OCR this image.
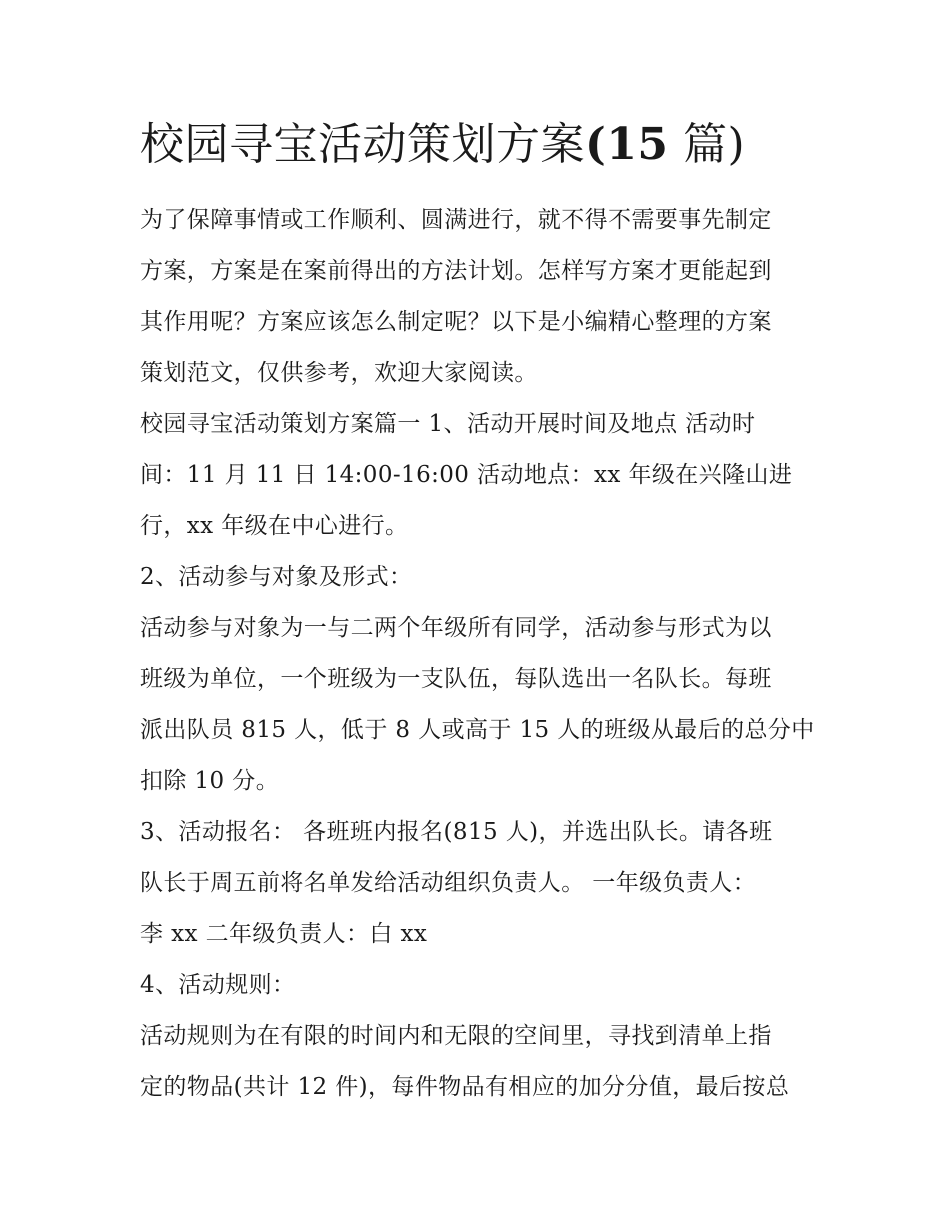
校园寻宝活动策划方案(15 篇)

为了保障事情或工作顺利、圆满进行，就不得不需要事先制定

方案，方案是在案前得出的方法计划。怎样写方案才更能起到

其作用呢？方案应该怎么制定呢？以下是小编精心整理的方案

策划范文，仅供参考，欢迎大家阅读。

校园寻宝活动策划方案篇一 1、活动开展时间及地点 活动时

间：11 月 11 日 14:00-16:00 活动地点：xx 年级在兴隆山进

行，xx 年级在中心进行。

2、活动参与对象及形式：

活动参与对象为一与二两个年级所有同学，活动参与形式为以

班级为单位，一个班级为一支队伍，每队选出一名队长。每班

派出队员 815 人，低于 8 人或高于 15 人的班级从最后的总分中

扣除 10 分。

3、活动报名： 各班班内报名(815 人)，并选出队长。请各班

队长于周五前将名单发给活动组织负责人。 一年级负责人：

李 xx 二年级负责人：白 xx

4、活动规则：

活动规则为在有限的时间内和无限的空间里，寻找到清单上指

定的物品(共计 12 件)，每件物品有相应的加分分值，最后按总
